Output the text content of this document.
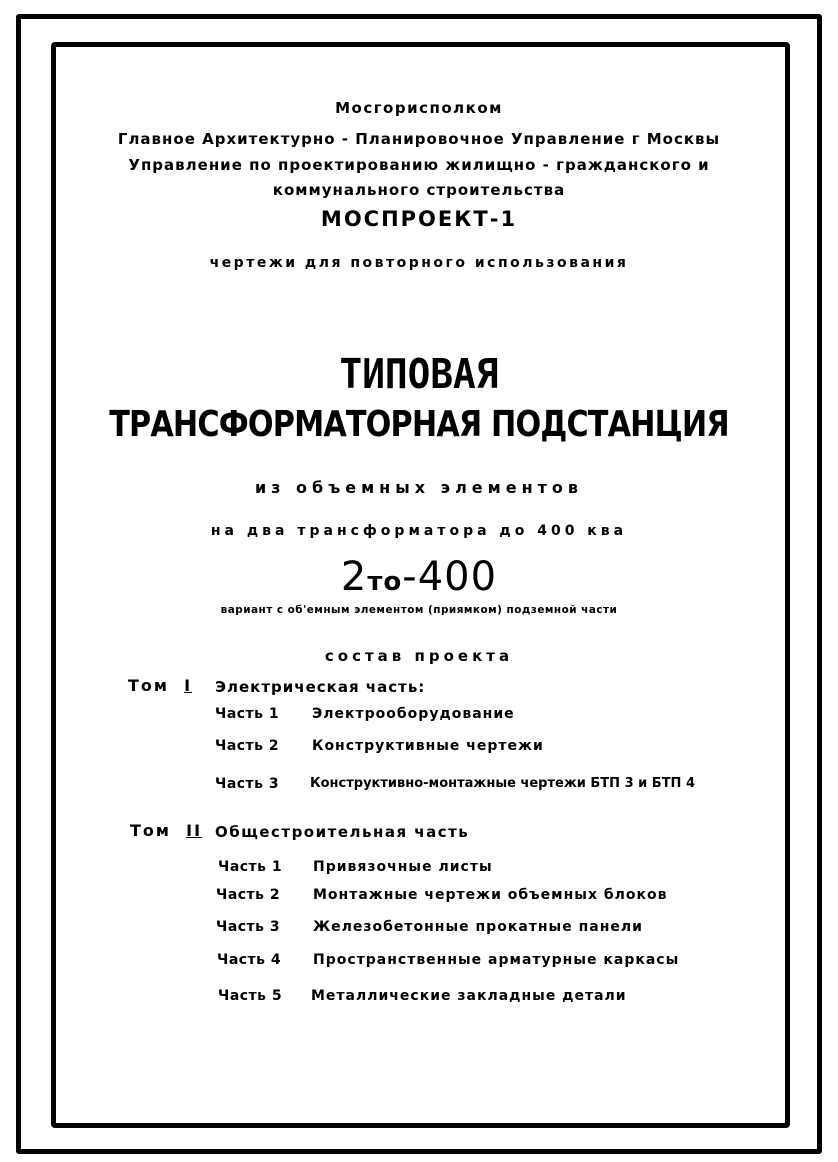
Мосгорисполком
Главное Архитектурно - Планировочное Управление г Москвы
Управление по проектированию жилищно - гражданского и
коммунального строительства
МОСПРОЕКТ-1
чертежи для повторного использования
ТИПОВАЯ
ТРАНСФОРМАТОРНАЯ ПОДСТАНЦИЯ
из объемных элементов
на два трансформатора до 400 ква
2то-400
вариант с об'емным элементом (приямком) подземной части
состав проекта
Том I Электрическая часть:
Часть 1 Электрооборудование
Часть 2 Конструктивные чертежи
Часть 3 Конструктивно-монтажные чертежи БТП 3 и БТП 4
Том II Общестроительная часть
Часть 1 Привязочные листы
Часть 2 Монтажные чертежи объемных блоков
Часть 3 Железобетонные прокатные панели
Часть 4 Пространственные арматурные каркасы
Часть 5 Металлические закладные детали
